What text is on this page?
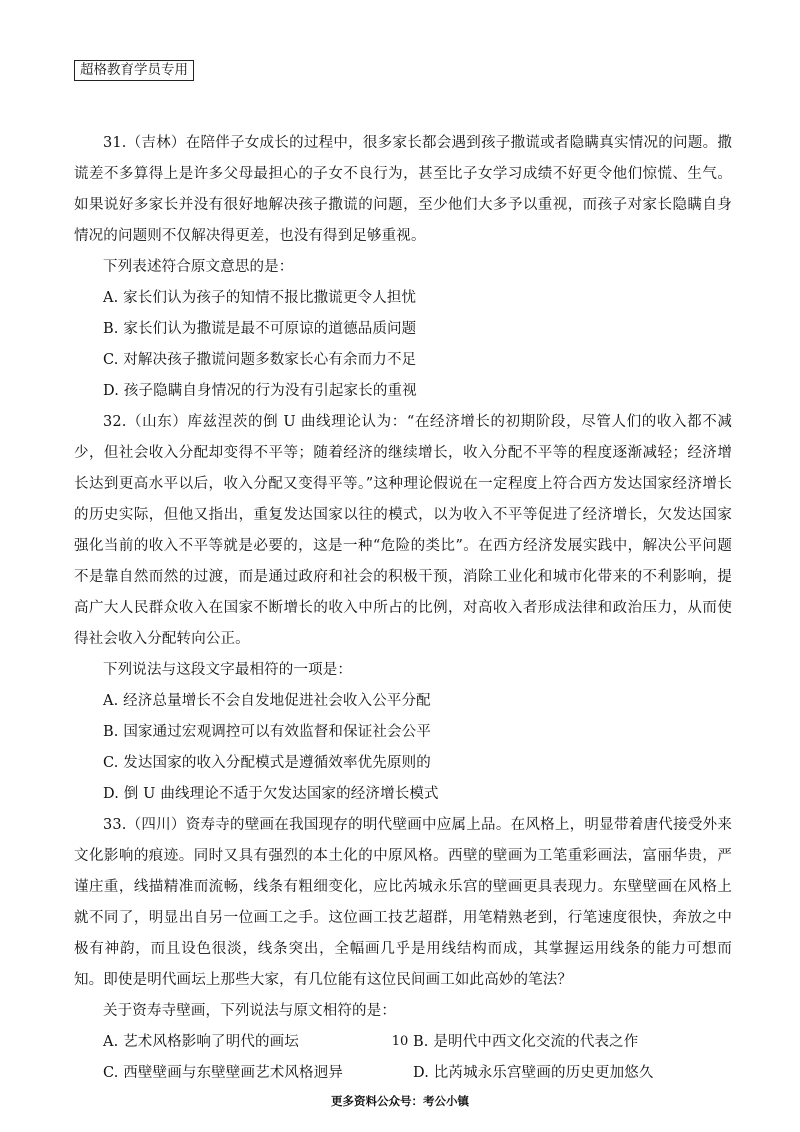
超格教育学员专用

31.（吉林）在陪伴子女成长的过程中，很多家长都会遇到孩子撒谎或者隐瞒真实情况的问题。撒谎差不多算得上是许多父母最担心的子女不良行为，甚至比子女学习成绩不好更令他们惊慌、生气。如果说好多家长并没有很好地解决孩子撒谎的问题，至少他们大多予以重视，而孩子对家长隐瞒自身情况的问题则不仅解决得更差，也没有得到足够重视。

下列表述符合原文意思的是：

A. 家长们认为孩子的知情不报比撒谎更令人担忧

B. 家长们认为撒谎是最不可原谅的道德品质问题

C. 对解决孩子撒谎问题多数家长心有余而力不足

D. 孩子隐瞒自身情况的行为没有引起家长的重视

32.（山东）库兹涅茨的倒 U 曲线理论认为：“在经济增长的初期阶段，尽管人们的收入都不减少，但社会收入分配却变得不平等；随着经济的继续增长，收入分配不平等的程度逐渐减轻；经济增长达到更高水平以后，收入分配又变得平等。”这种理论假说在一定程度上符合西方发达国家经济增长的历史实际，但他又指出，重复发达国家以往的模式，以为收入不平等促进了经济增长，欠发达国家强化当前的收入不平等就是必要的，这是一种“危险的类比”。在西方经济发展实践中，解决公平问题不是靠自然而然的过渡，而是通过政府和社会的积极干预，消除工业化和城市化带来的不利影响，提高广大人民群众收入在国家不断增长的收入中所占的比例，对高收入者形成法律和政治压力，从而使得社会收入分配转向公正。

下列说法与这段文字最相符的一项是：

A. 经济总量增长不会自发地促进社会收入公平分配

B. 国家通过宏观调控可以有效监督和保证社会公平

C. 发达国家的收入分配模式是遵循效率优先原则的

D. 倒 U 曲线理论不适于欠发达国家的经济增长模式

33.（四川）资寿寺的壁画在我国现存的明代壁画中应属上品。在风格上，明显带着唐代接受外来文化影响的痕迹。同时又具有强烈的本土化的中原风格。西壁的壁画为工笔重彩画法，富丽华贵，严谨庄重，线描精准而流畅，线条有粗细变化，应比芮城永乐宫的壁画更具表现力。东壁壁画在风格上就不同了，明显出自另一位画工之手。这位画工技艺超群，用笔精熟老到，行笔速度很快，奔放之中极有神韵，而且设色很淡，线条突出，全幅画几乎是用线结构而成，其掌握运用线条的能力可想而知。即使是明代画坛上那些大家，有几位能有这位民间画工如此高妙的笔法？

关于资寿寺壁画，下列说法与原文相符的是：

A. 艺术风格影响了明代的画坛	B. 是明代中西文化交流的代表之作
C. 西壁壁画与东壁壁画艺术风格迥异	D. 比芮城永乐宫壁画的历史更加悠久
10
更多资料公众号：考公小镇
